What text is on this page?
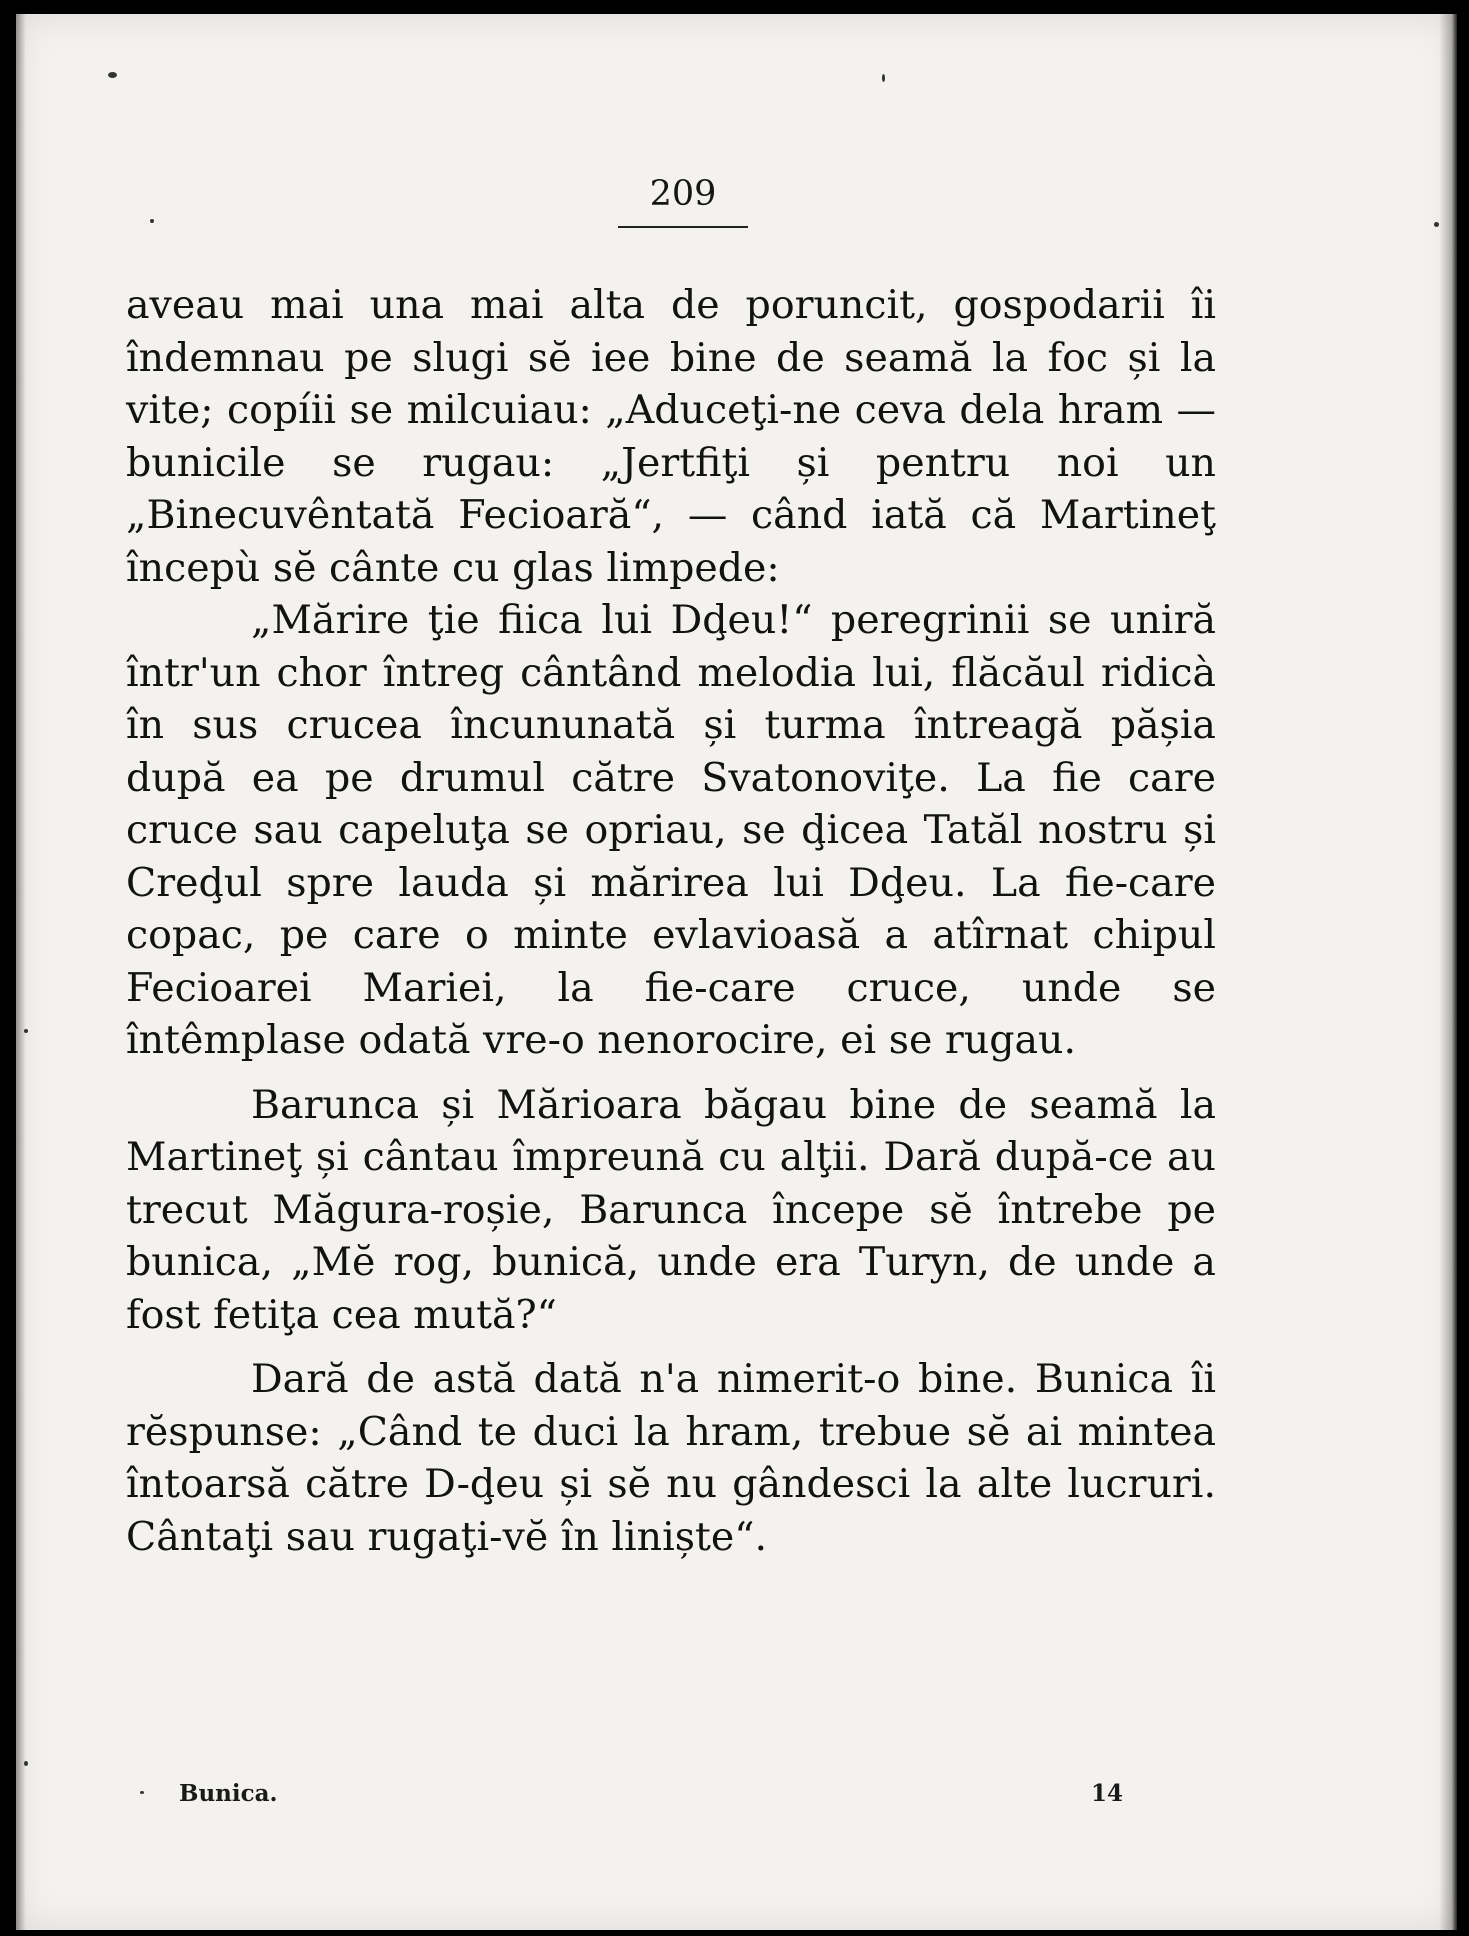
209

aveau mai una mai alta de poruncit, gospodarii îi îndemnau pe slugi sĕ iee bine de seamă la foc și la vite; copíii se milcuiau: „Aduceţi-ne ceva dela hram — bunicile se rugau: „Jertfiţi și pentru noi un „Binecuvêntată Fecioară“, — când iată că Martineţ începù sĕ cânte cu glas limpede:

„Mărire ţie fiica lui Dḑeu!“ peregrinii se uniră într'un chor întreg cântând melodia lui, flăcăul ridicà în sus crucea încununată și turma întreagă pășia după ea pe drumul către Svatonoviţe. La fie care cruce sau capeluţa se opriau, se ḑicea Tatăl nostru și Creḑul spre lauda și mărirea lui Dḑeu. La fie-care copac, pe care o minte evlavioasă a atîrnat chipul Fecioarei Mariei, la fie-care cruce, unde se întêmplase odată vre-o nenorocire, ei se rugau.

Barunca și Mărioara băgau bine de seamă la Martineţ și cântau împreună cu alţii. Dară după-ce au trecut Măgura-roșie, Barunca începe sĕ întrebe pe bunica, „Mĕ rog, bunică, unde era Turyn, de unde a fost fetiţa cea mută?“

Dară de astă dată n'a nimerit-o bine. Bunica îi rĕspunse: „Când te duci la hram, trebue sĕ ai mintea întoarsă către D-ḑeu și sĕ nu gândesci la alte lucruri. Cântaţi sau rugaţi-vĕ în liniște“.

Bunica.	14
